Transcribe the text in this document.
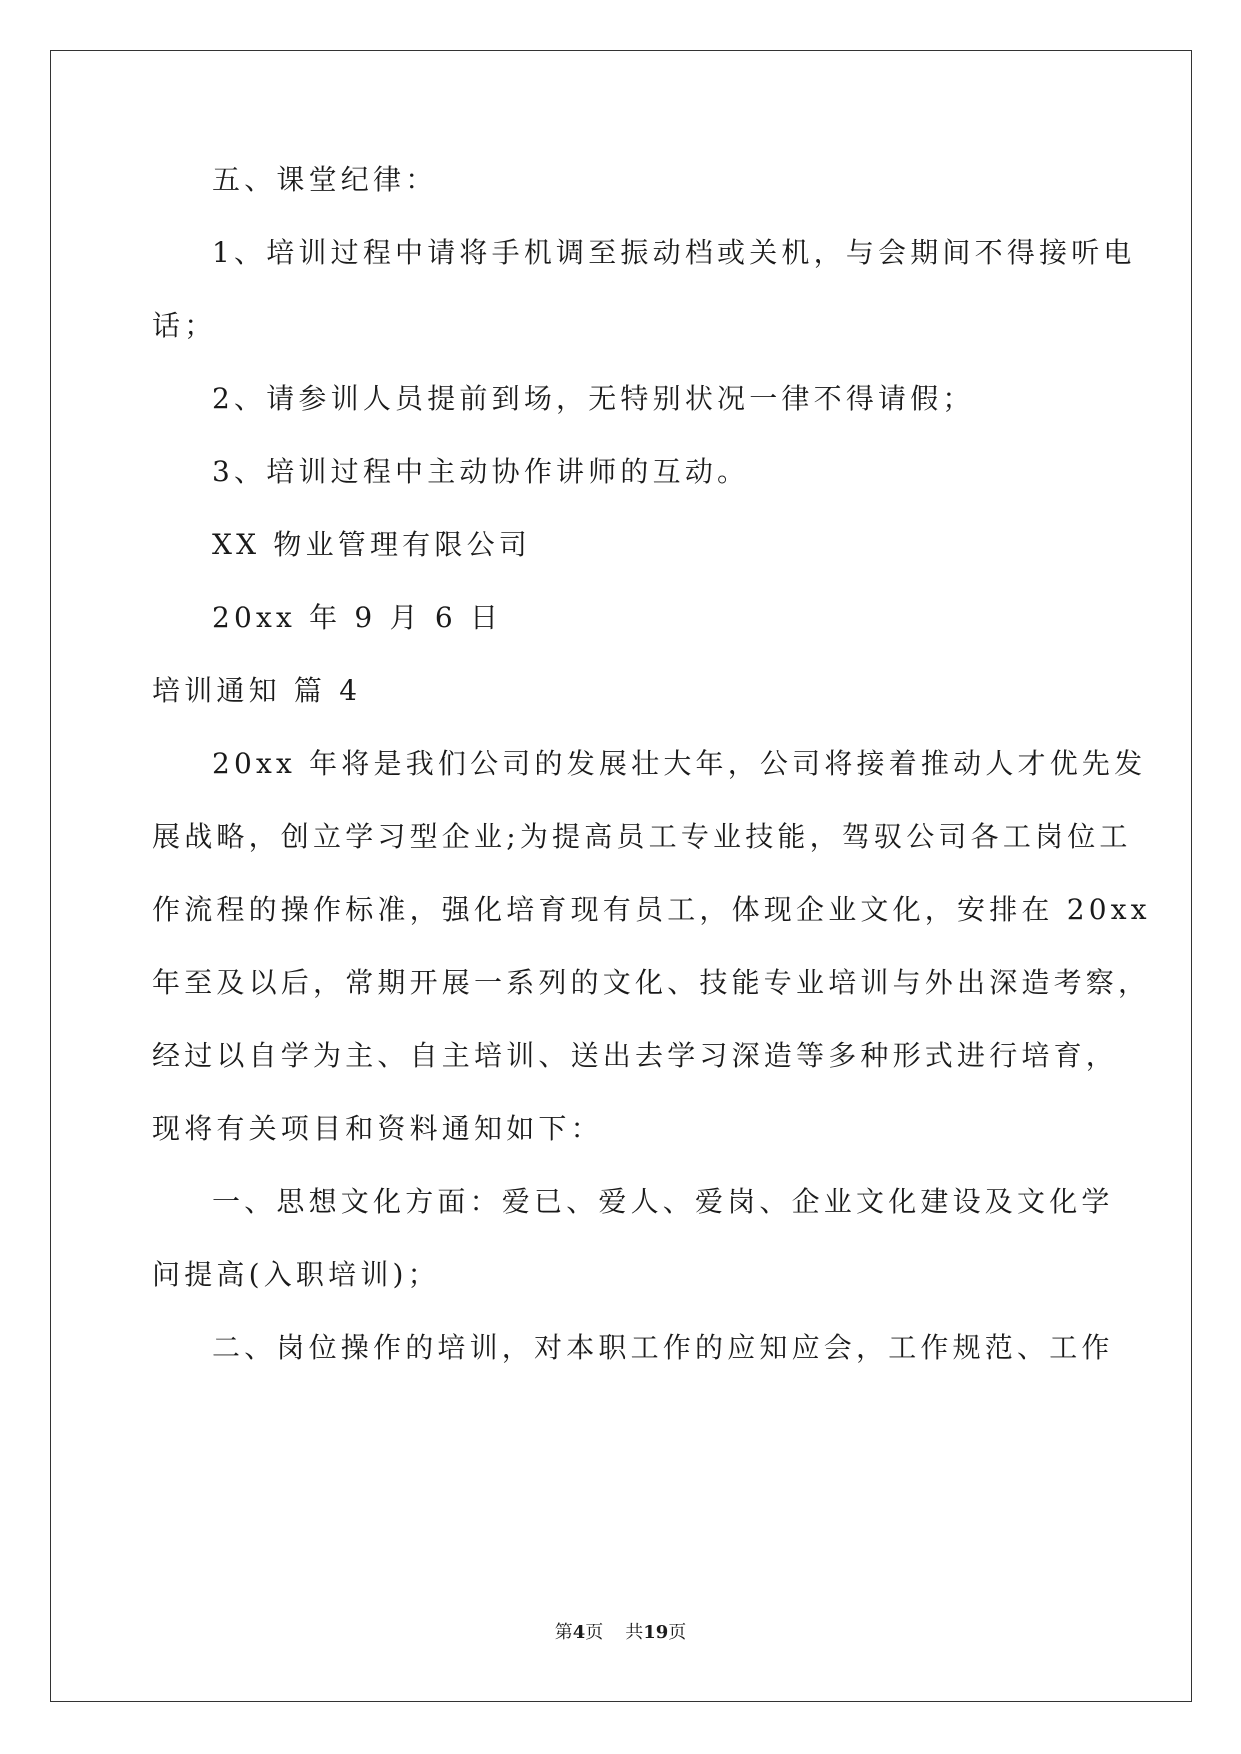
五、课堂纪律：
1、培训过程中请将手机调至振动档或关机，与会期间不得接听电
话；
2、请参训人员提前到场，无特别状况一律不得请假；
3、培训过程中主动协作讲师的互动。
XX 物业管理有限公司
20xx 年 9 月 6 日
培训通知 篇 4
20xx 年将是我们公司的发展壮大年，公司将接着推动人才优先发
展战略，创立学习型企业;为提高员工专业技能，驾驭公司各工岗位工
作流程的操作标准，强化培育现有员工，体现企业文化，安排在 20xx
年至及以后，常期开展一系列的文化、技能专业培训与外出深造考察，
经过以自学为主、自主培训、送出去学习深造等多种形式进行培育，
现将有关项目和资料通知如下：
一、思想文化方面：爱已、爱人、爱岗、企业文化建设及文化学
问提高(入职培训)；
二、岗位操作的培训，对本职工作的应知应会，工作规范、工作
第4页 共19页
